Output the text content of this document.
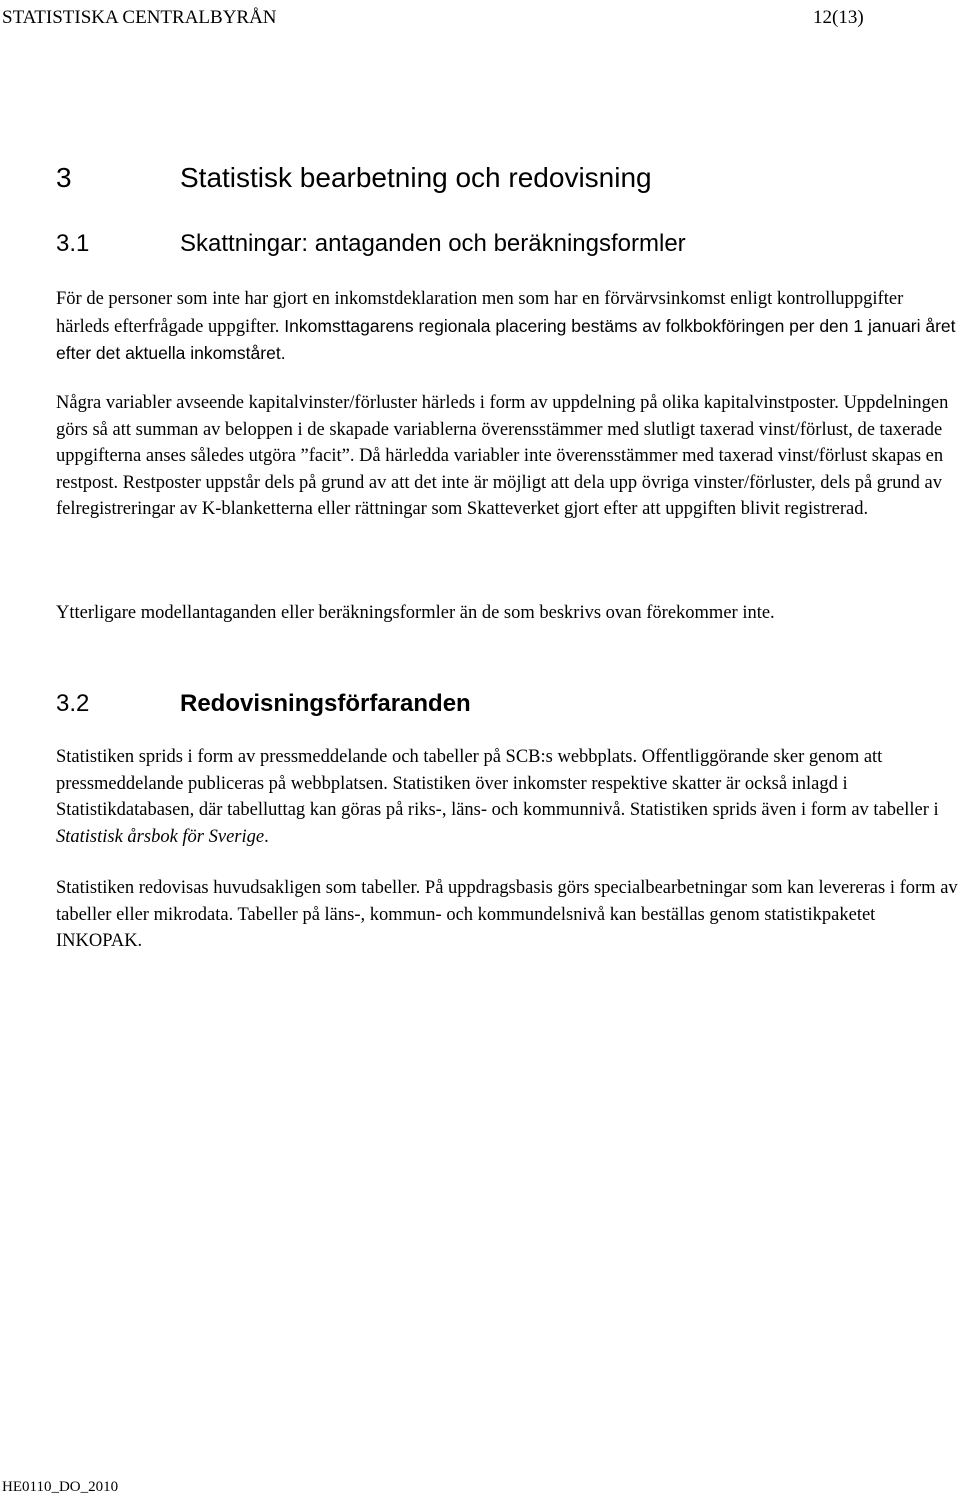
STATISTISKA CENTRALBYRÅN	12(13)
3	Statistisk bearbetning och redovisning
3.1	Skattningar: antaganden och beräkningsformler

För de personer som inte har gjort en inkomstdeklaration men som har en förvärvsinkomst enligt kontrolluppgifter härleds efterfrågade uppgifter. Inkomsttagarens regionala placering bestäms av folkbokföringen per den 1 januari året efter det aktuella inkomståret.

Några variabler avseende kapitalvinster/förluster härleds i form av uppdelning på olika kapitalvinstposter. Uppdelningen görs så att summan av beloppen i de skapade variablerna överensstämmer med slutligt taxerad vinst/förlust, de taxerade uppgifterna anses således utgöra ”facit”. Då härledda variabler inte överensstämmer med taxerad vinst/förlust skapas en restpost. Restposter uppstår dels på grund av att det inte är möjligt att dela upp övriga vinster/förluster, dels på grund av felregistreringar av K-blanketterna eller rättningar som Skatteverket gjort efter att uppgiften blivit registrerad.

Ytterligare modellantaganden eller beräkningsformler än de som beskrivs ovan förekommer inte.

3.2	Redovisningsförfaranden

Statistiken sprids i form av pressmeddelande och tabeller på SCB:s webbplats. Offentliggörande sker genom att pressmeddelande publiceras på webbplatsen. Statistiken över inkomster respektive skatter är också inlagd i Statistikdatabasen, där tabelluttag kan göras på riks-, läns- och kommunnivå. Statistiken sprids även i form av tabeller i Statistisk årsbok för Sverige.

Statistiken redovisas huvudsakligen som tabeller. På uppdragsbasis görs specialbearbetningar som kan levereras i form av tabeller eller mikrodata. Tabeller på läns-, kommun- och kommundelsnivå kan beställas genom statistikpaketet INKOPAK.

HE0110_DO_2010
